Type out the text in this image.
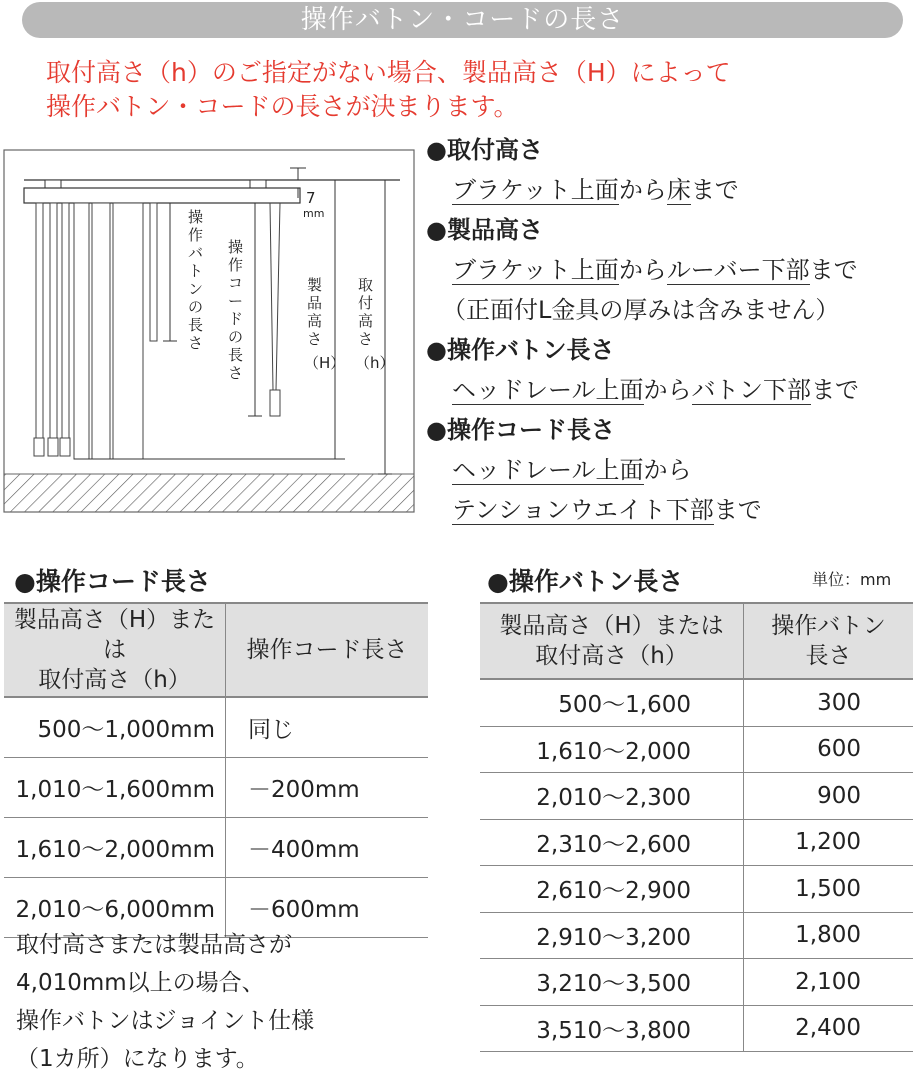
操作バトン・コードの長さ
取付高さ（h）のご指定がない場合、製品高さ（H）によって
操作バトン・コードの長さが決まります。
操作バトンの長さ
操作コードの長さ
7
mm
製品高さ（H）
取付高さ（h）
●取付高さ
ブラケット上面から床まで
●製品高さ
ブラケット上面からルーバー下部まで
（正面付L金具の厚みは含みません）
●操作バトン長さ
ヘッドレール上面からバトン下部まで
●操作コード長さ
ヘッドレール上面から
テンションウエイト下部まで
●操作コード長さ	●操作バトン長さ	単位：mm
製品高さ（H）または
取付高さ（h）	操作コード長さ
500〜1,000mm	同じ
1,010〜1,600mm	－200mm
1,610〜2,000mm	－400mm
2,010〜6,000mm	－600mm
製品高さ（H）または
取付高さ（h）	操作バトン
長さ
500〜1,600	300
1,610〜2,000	600
2,010〜2,300	900
2,310〜2,600	1,200
2,610〜2,900	1,500
2,910〜3,200	1,800
3,210〜3,500	2,100
3,510〜3,800	2,400
取付高さまたは製品高さが
4,010mm以上の場合、
操作バトンはジョイント仕様
（1カ所）になります。
